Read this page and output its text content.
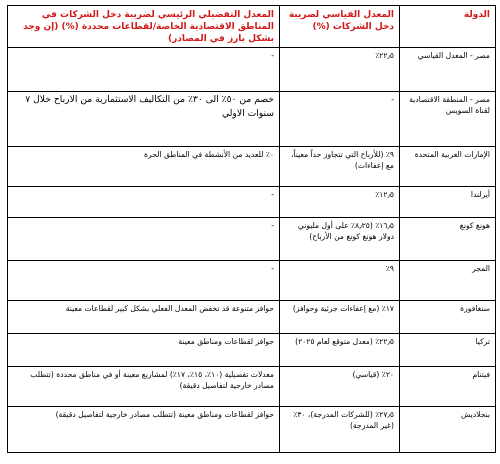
الدولة	المعدل القياسي لضريبة دخل الشركات (%)	المعدل التفضيلي الرئيسي لضريبة دخل الشركات في المناطق الاقتصادية الخاصة/لقطاعات محددة (%) (إن وجد بشكل بارز في المصادر)
مصر - المعدل القياسي	٢٢٫٥٪	-
مصر - المنطقة الاقتصادية لقناة السويس	-	خصم من ٥٠٪ الى ٣٠٪ من التكاليف الاستثمارية من الارباح خلال ٧ سنوات الاولي
الإمارات العربية المتحدة	٩٪ (للأرباح التي تتجاوز حداً معيناً، مع إعفاءات)	٠٪ للعديد من الأنشطة في المناطق الحرة
أيرلندا	١٢٫٥٪	-
هونغ كونغ	١٦٫٥٪ (٨٫٢٥٪ على أول مليوني دولار هونغ كونغ من الأرباح)	-
المجر	٩٪	-
سنغافورة	١٧٪ (مع إعفاءات جزئية وحوافز)	حوافز متنوعة قد تخفض المعدل الفعلي بشكل كبير لقطاعات معينة
تركيا	٢٢٫٥٪ (معدل متوقع لعام ٢٠٢٥)	حوافز لقطاعات ومناطق معينة
فيتنام	٢٠٪ (قياسي)	معدلات تفضيلية (١٠٪، ١٥٪، ١٧٪) لمشاريع معينة أو في مناطق محددة (تتطلب مصادر خارجية لتفاصيل دقيقة)
بنجلاديش	٢٧٫٥٪ (للشركات المدرجة)، ٣٠٪ (غير المدرجة)	حوافز لقطاعات ومناطق معينة (تتطلب مصادر خارجية لتفاصيل دقيقة)
